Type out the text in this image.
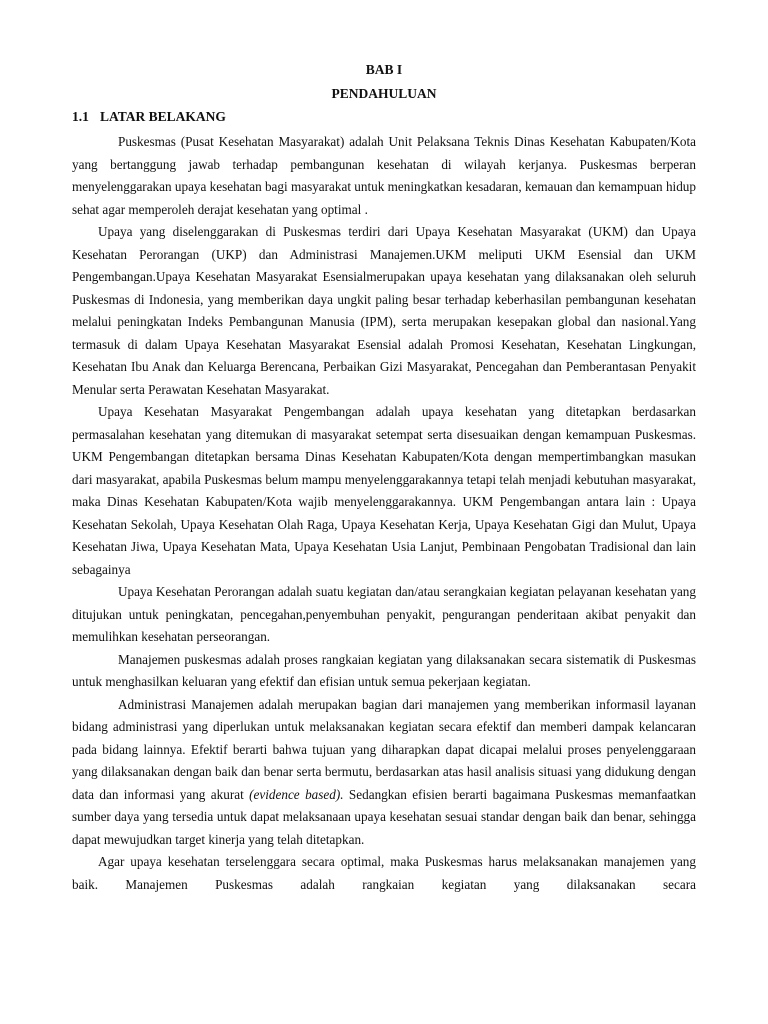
BAB I
PENDAHULUAN
1.1 LATAR BELAKANG

Puskesmas (Pusat Kesehatan Masyarakat) adalah Unit Pelaksana Teknis Dinas Kesehatan Kabupaten/Kota yang bertanggung jawab terhadap pembangunan kesehatan di wilayah kerjanya. Puskesmas berperan menyelenggarakan upaya kesehatan bagi masyarakat untuk meningkatkan kesadaran, kemauan dan kemampuan hidup sehat agar memperoleh derajat kesehatan yang optimal .

Upaya yang diselenggarakan di Puskesmas terdiri dari Upaya Kesehatan Masyarakat (UKM) dan Upaya Kesehatan Perorangan (UKP) dan Administrasi Manajemen.UKM meliputi UKM Esensial dan UKM Pengembangan.Upaya Kesehatan Masyarakat Esensialmerupakan upaya kesehatan yang dilaksanakan oleh seluruh Puskesmas di Indonesia, yang memberikan daya ungkit paling besar terhadap keberhasilan pembangunan kesehatan melalui peningkatan Indeks Pembangunan Manusia (IPM), serta merupakan kesepakan global dan nasional.Yang termasuk di dalam Upaya Kesehatan Masyarakat Esensial adalah Promosi Kesehatan, Kesehatan Lingkungan, Kesehatan Ibu Anak dan Keluarga Berencana, Perbaikan Gizi Masyarakat, Pencegahan dan Pemberantasan Penyakit Menular serta Perawatan Kesehatan Masyarakat.

Upaya Kesehatan Masyarakat Pengembangan adalah upaya kesehatan yang ditetapkan berdasarkan permasalahan kesehatan yang ditemukan di masyarakat setempat serta disesuaikan dengan kemampuan Puskesmas. UKM Pengembangan ditetapkan bersama Dinas Kesehatan Kabupaten/Kota dengan mempertimbangkan masukan dari masyarakat, apabila Puskesmas belum mampu menyelenggarakannya tetapi telah menjadi kebutuhan masyarakat, maka Dinas Kesehatan Kabupaten/Kota wajib menyelenggarakannya. UKM Pengembangan antara lain : Upaya Kesehatan Sekolah, Upaya Kesehatan Olah Raga, Upaya Kesehatan Kerja, Upaya Kesehatan Gigi dan Mulut, Upaya Kesehatan Jiwa, Upaya Kesehatan Mata, Upaya Kesehatan Usia Lanjut, Pembinaan Pengobatan Tradisional dan lain sebagainya

Upaya Kesehatan Perorangan adalah suatu kegiatan dan/atau serangkaian kegiatan pelayanan kesehatan yang ditujukan untuk peningkatan, pencegahan,penyembuhan penyakit, pengurangan penderitaan akibat penyakit dan memulihkan kesehatan perseorangan.

Manajemen puskesmas adalah proses rangkaian kegiatan yang dilaksanakan secara sistematik di Puskesmas untuk menghasilkan keluaran yang efektif dan efisian untuk semua pekerjaan kegiatan.

Administrasi Manajemen adalah merupakan bagian dari manajemen yang memberikan informasil layanan bidang administrasi yang diperlukan untuk melaksanakan kegiatan secara efektif dan memberi dampak kelancaran pada bidang lainnya. Efektif berarti bahwa tujuan yang diharapkan dapat dicapai melalui proses penyelenggaraan yang dilaksanakan dengan baik dan benar serta bermutu, berdasarkan atas hasil analisis situasi yang didukung dengan data dan informasi yang akurat (evidence based). Sedangkan efisien berarti bagaimana Puskesmas memanfaatkan sumber daya yang tersedia untuk dapat melaksanaan upaya kesehatan sesuai standar dengan baik dan benar, sehingga dapat mewujudkan target kinerja yang telah ditetapkan.

Agar upaya kesehatan terselenggara secara optimal, maka Puskesmas harus melaksanakan manajemen yang baik. Manajemen Puskesmas adalah rangkaian kegiatan yang dilaksanakan secara
